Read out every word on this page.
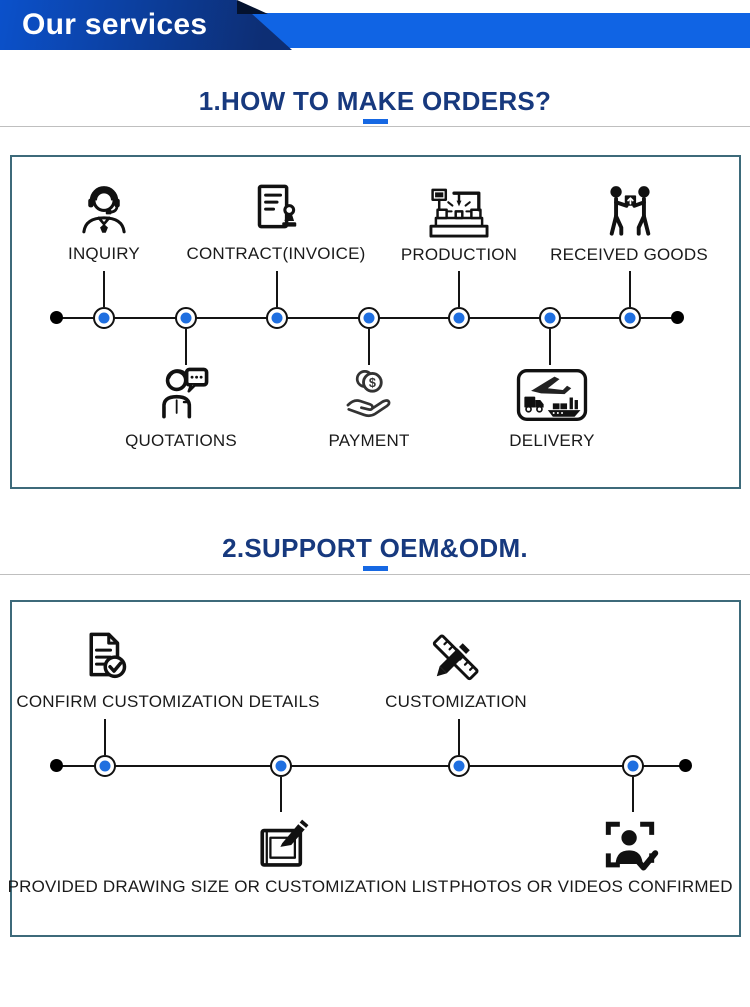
Our services
1.HOW TO MAKE ORDERS?
INQUIRY	CONTRACT(INVOICE) PRODUCTION RECEIVED GOODS
$
QUOTATIONS	PAYMENT	DELIVERY
2.SUPPORT OEM&ODM.
CONFIRM CUSTOMIZATION DETAILS	CUSTOMIZATION
PROVIDED DRAWING SIZE OR CUSTOMIZATION LIST PHOTOS OR VIDEOS CONFIRMED
